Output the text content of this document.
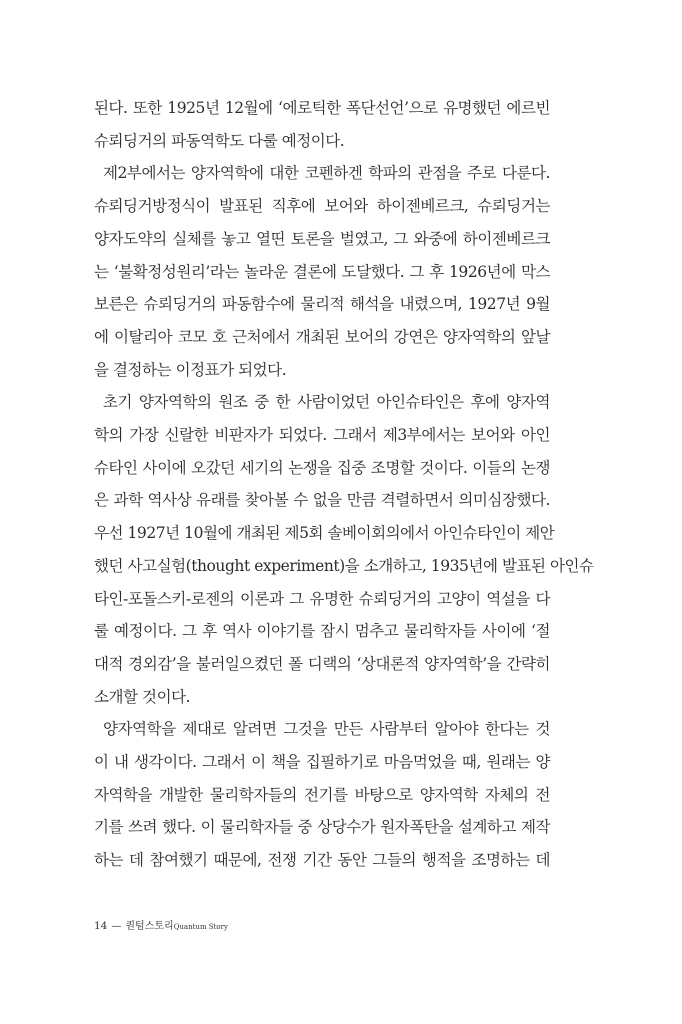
된다. 또한 1925년 12월에 ‘에로틱한 폭단선언’으로 유명했던 에르빈
슈뢰딩거의 파동역학도 다룰 예정이다.
제2부에서는 양자역학에 대한 코펜하겐 학파의 관점을 주로 다룬다.
슈뢰딩거방정식이 발표된 직후에 보어와 하이젠베르크, 슈뢰딩거는
양자도약의 실체를 놓고 열띤 토론을 벌였고, 그 와중에 하이젠베르크
는 ‘불확정성원리’라는 놀라운 결론에 도달했다. 그 후 1926년에 막스
보른은 슈뢰딩거의 파동함수에 물리적 해석을 내렸으며, 1927년 9월
에 이탈리아 코모 호 근처에서 개최된 보어의 강연은 양자역학의 앞날
을 결정하는 이정표가 되었다.
초기 양자역학의 원조 중 한 사람이었던 아인슈타인은 후에 양자역
학의 가장 신랄한 비판자가 되었다. 그래서 제3부에서는 보어와 아인
슈타인 사이에 오갔던 세기의 논쟁을 집중 조명할 것이다. 이들의 논쟁
은 과학 역사상 유래를 찾아볼 수 없을 만큼 격렬하면서 의미심장했다.
우선 1927년 10월에 개최된 제5회 솔베이회의에서 아인슈타인이 제안
했던 사고실험(thought experiment)을 소개하고, 1935년에 발표된 아인슈
타인-포돌스키-로젠의 이론과 그 유명한 슈뢰딩거의 고양이 역설을 다
룰 예정이다. 그 후 역사 이야기를 잠시 멈추고 물리학자들 사이에 ‘절
대적 경외감’을 불러일으켰던 폴 디랙의 ‘상대론적 양자역학’을 간략히
소개할 것이다.
양자역학을 제대로 알려면 그것을 만든 사람부터 알아야 한다는 것
이 내 생각이다. 그래서 이 책을 집필하기로 마음먹었을 때, 원래는 양
자역학을 개발한 물리학자들의 전기를 바탕으로 양자역학 자체의 전
기를 쓰려 했다. 이 물리학자들 중 상당수가 원자폭탄을 설계하고 제작
하는 데 참여했기 때문에, 전쟁 기간 동안 그들의 행적을 조명하는 데
14 — 퀀텀스토리Quantum Story
